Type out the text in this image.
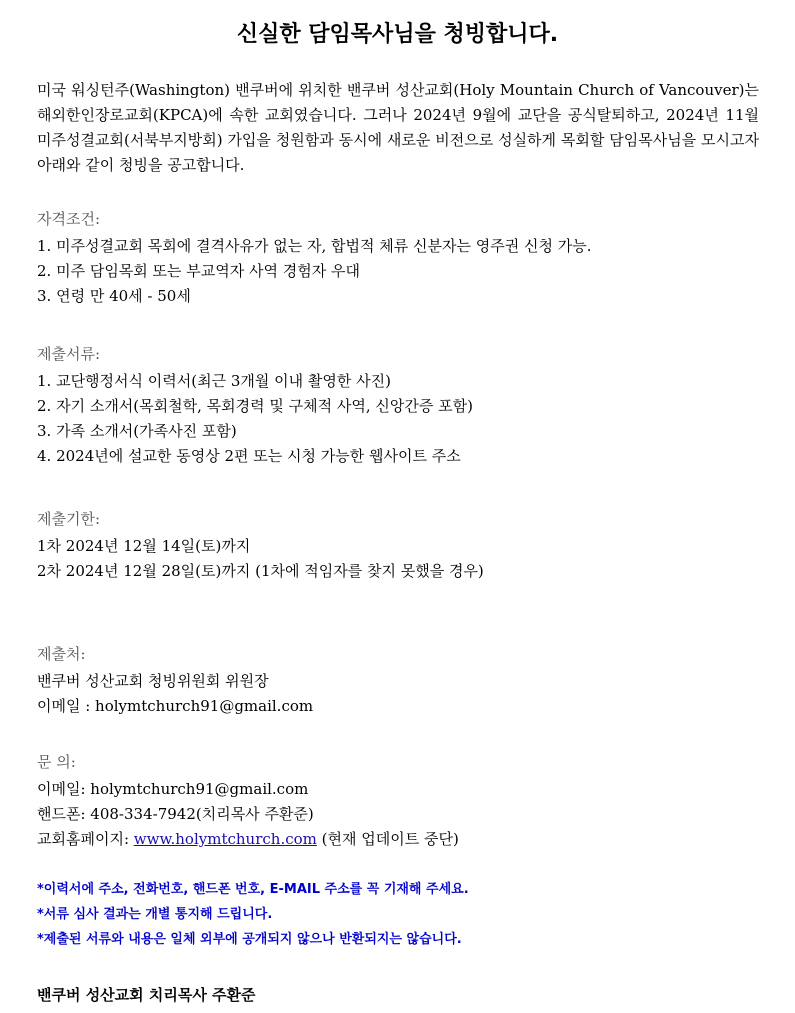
신실한 담임목사님을 청빙합니다.

미국 워싱턴주(Washington) 밴쿠버에 위치한 밴쿠버 성산교회(Holy Mountain Church of Vancouver)는 해외한인장로교회(KPCA)에 속한 교회였습니다. 그러나 2024년 9월에 교단을 공식탈퇴하고, 2024년 11월 미주성결교회(서북부지방회) 가입을 청원함과 동시에 새로운 비전으로 성실하게 목회할 담임목사님을 모시고자 아래와 같이 청빙을 공고합니다.

자격조건:

1. 미주성결교회 목회에 결격사유가 없는 자, 합법적 체류 신분자는 영주권 신청 가능.

2. 미주 담임목회 또는 부교역자 사역 경험자 우대

3. 연령 만 40세 - 50세

제출서류:

1. 교단행정서식 이력서(최근 3개월 이내 촬영한 사진)

2. 자기 소개서(목회철학, 목회경력 및 구체적 사역, 신앙간증 포함)

3. 가족 소개서(가족사진 포함)

4. 2024년에 설교한 동영상 2편 또는 시청 가능한 웹사이트 주소

제출기한:

1차 2024년 12월 14일(토)까지

2차 2024년 12월 28일(토)까지 (1차에 적임자를 찾지 못했을 경우)

제출처:

밴쿠버 성산교회 청빙위원회 위원장

이메일 : holymtchurch91@gmail.com

문 의:

이메일: holymtchurch91@gmail.com

핸드폰: 408-334-7942(치리목사 주환준)

교회홈페이지: www.holymtchurch.com (현재 업데이트 중단)

*이력서에 주소, 전화번호, 핸드폰 번호, E-MAIL 주소를 꼭 기재해 주세요.

*서류 심사 결과는 개별 통지해 드립니다.

*제출된 서류와 내용은 일체 외부에 공개되지 않으나 반환되지는 않습니다.

밴쿠버 성산교회 치리목사 주환준
